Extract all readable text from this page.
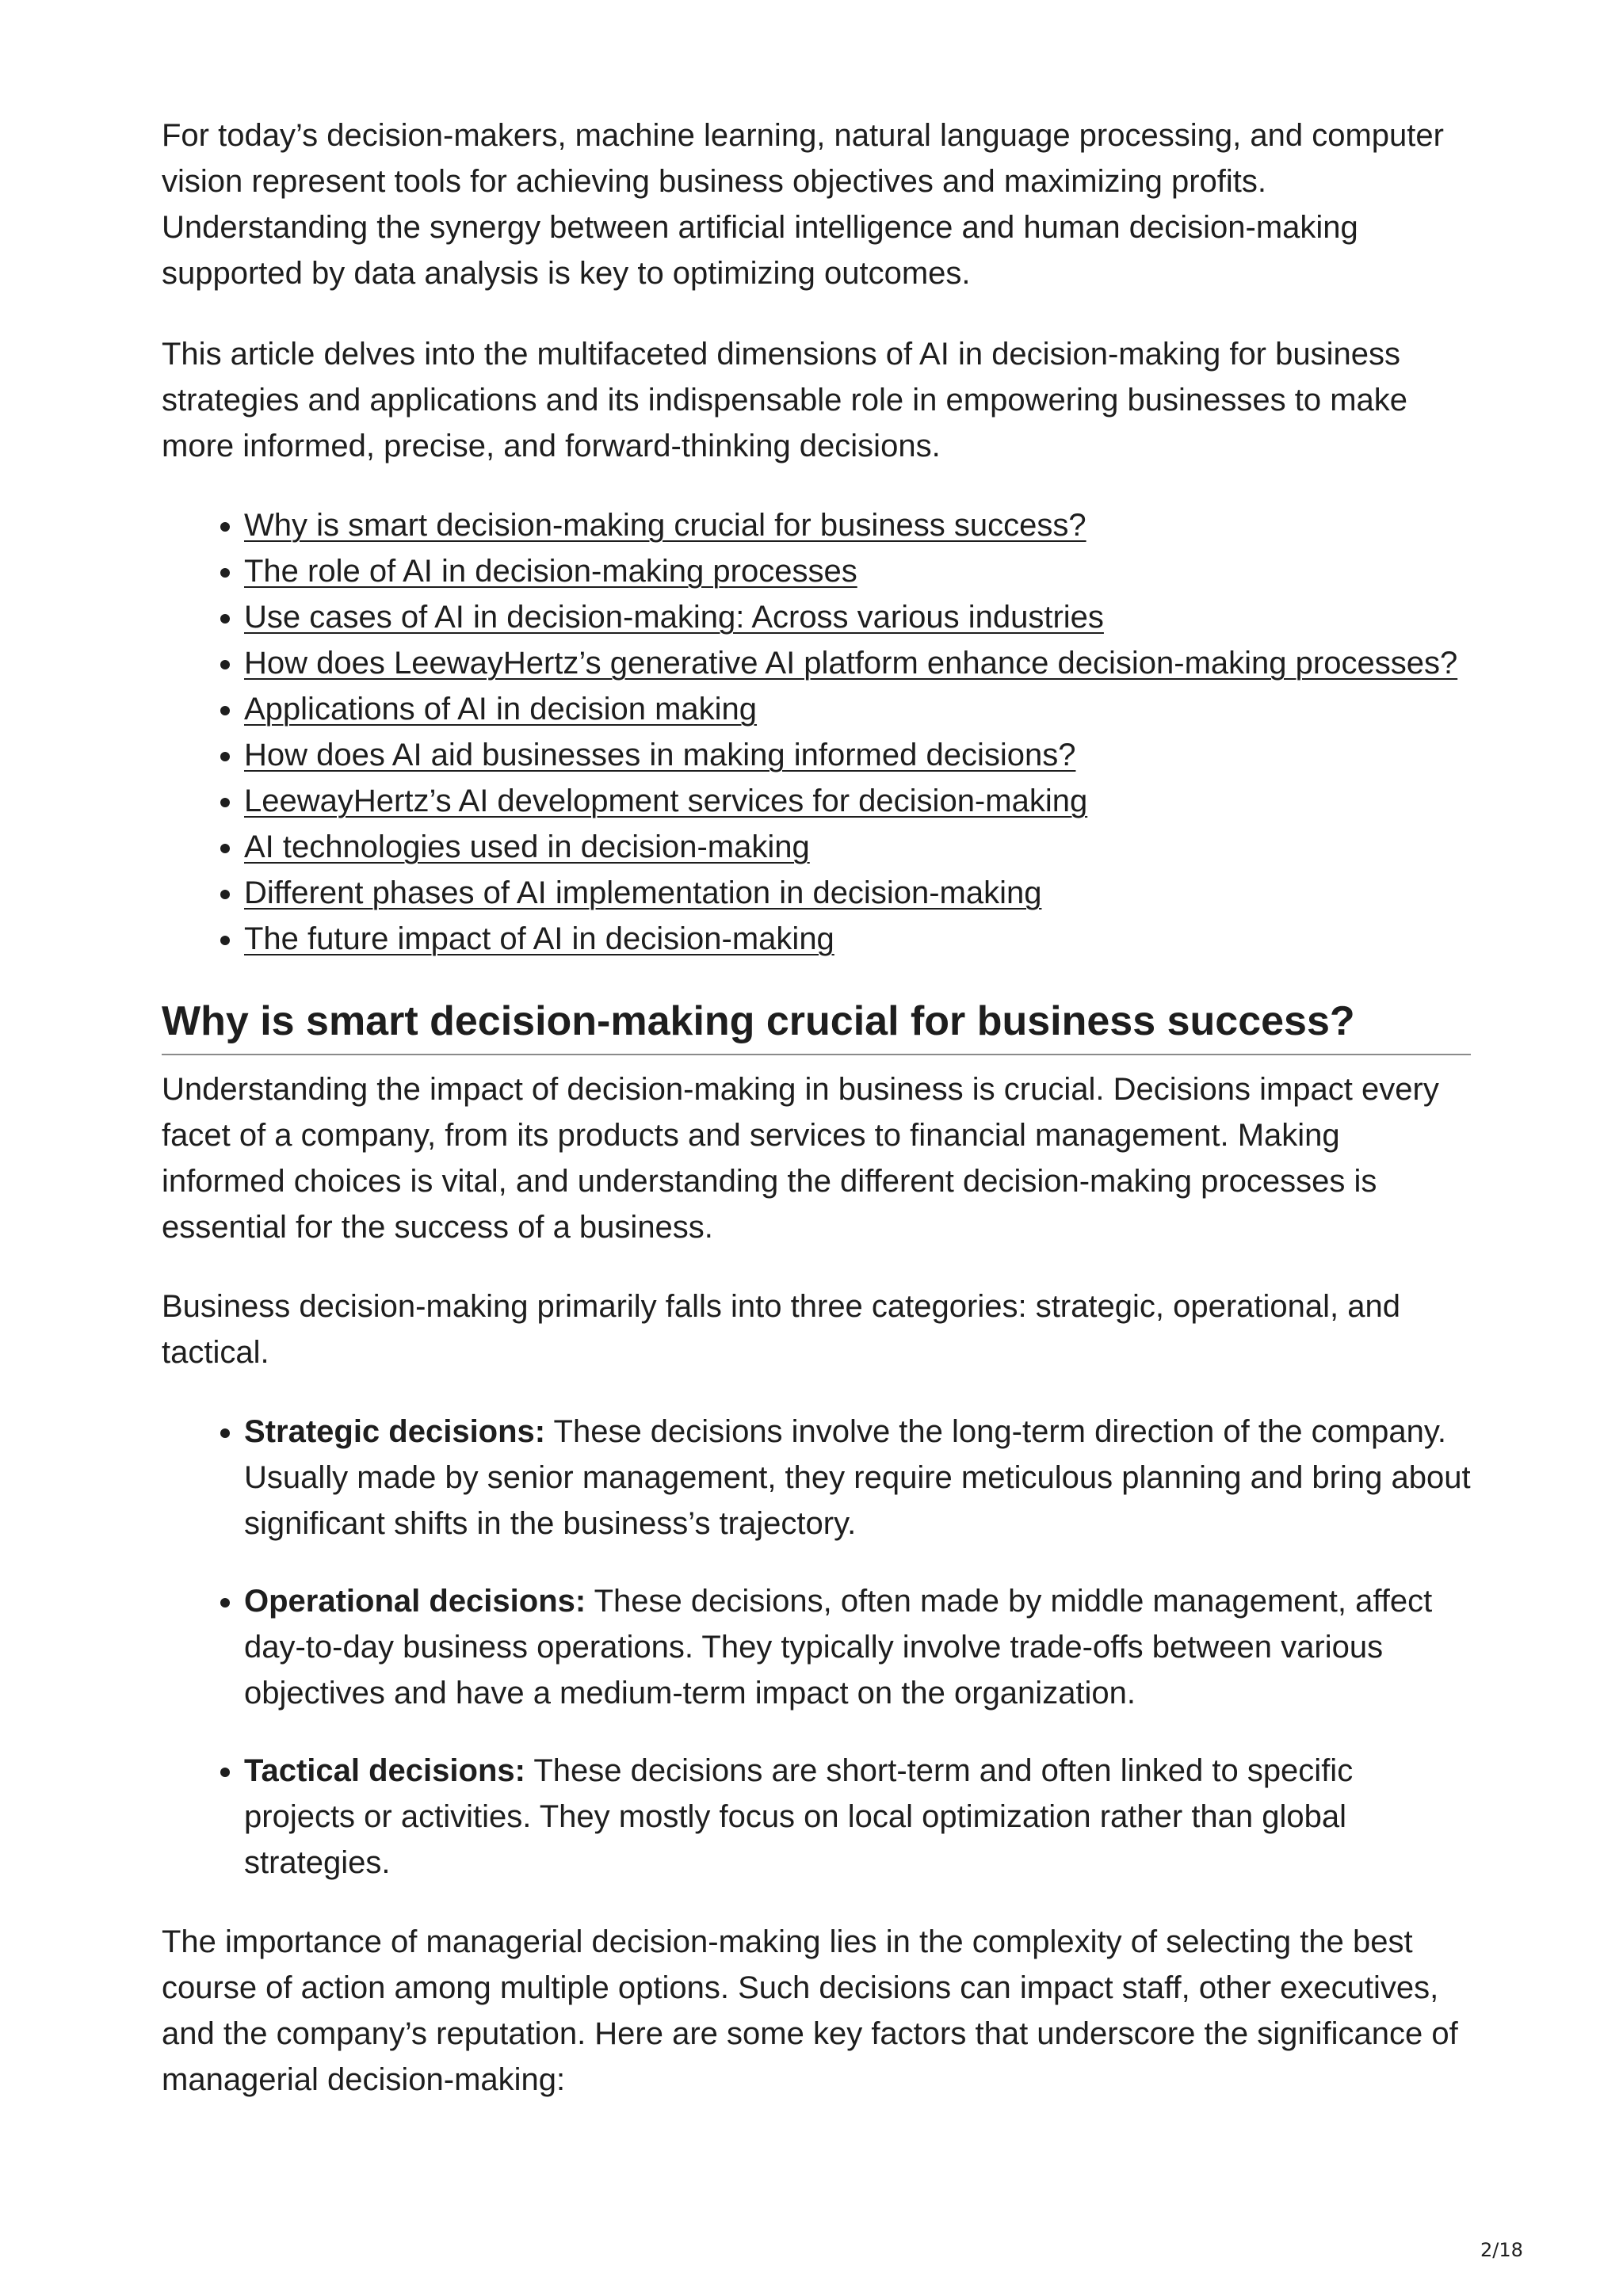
For today’s decision-makers, machine learning, natural language processing, and computer vision represent tools for achieving business objectives and maximizing profits. Understanding the synergy between artificial intelligence and human decision-making supported by data analysis is key to optimizing outcomes.

This article delves into the multifaceted dimensions of AI in decision-making for business strategies and applications and its indispensable role in empowering businesses to make more informed, precise, and forward-thinking decisions.

• Why is smart decision-making crucial for business success?
• The role of AI in decision-making processes
• Use cases of AI in decision-making: Across various industries
• How does LeewayHertz’s generative AI platform enhance decision-making processes?
• Applications of AI in decision making
• How does AI aid businesses in making informed decisions?
• LeewayHertz’s AI development services for decision-making
• AI technologies used in decision-making
• Different phases of AI implementation in decision-making
• The future impact of AI in decision-making
Why is smart decision-making crucial for business success?

Understanding the impact of decision-making in business is crucial. Decisions impact every facet of a company, from its products and services to financial management. Making informed choices is vital, and understanding the different decision-making processes is essential for the success of a business.

Business decision-making primarily falls into three categories: strategic, operational, and tactical.

• Strategic decisions: These decisions involve the long-term direction of the company. Usually made by senior management, they require meticulous planning and bring about significant shifts in the business’s trajectory.
• Operational decisions: These decisions, often made by middle management, affect day-to-day business operations. They typically involve trade-offs between various objectives and have a medium-term impact on the organization.
• Tactical decisions: These decisions are short-term and often linked to specific projects or activities. They mostly focus on local optimization rather than global strategies.

The importance of managerial decision-making lies in the complexity of selecting the best course of action among multiple options. Such decisions can impact staff, other executives, and the company’s reputation. Here are some key factors that underscore the significance of managerial decision-making:

2/18
